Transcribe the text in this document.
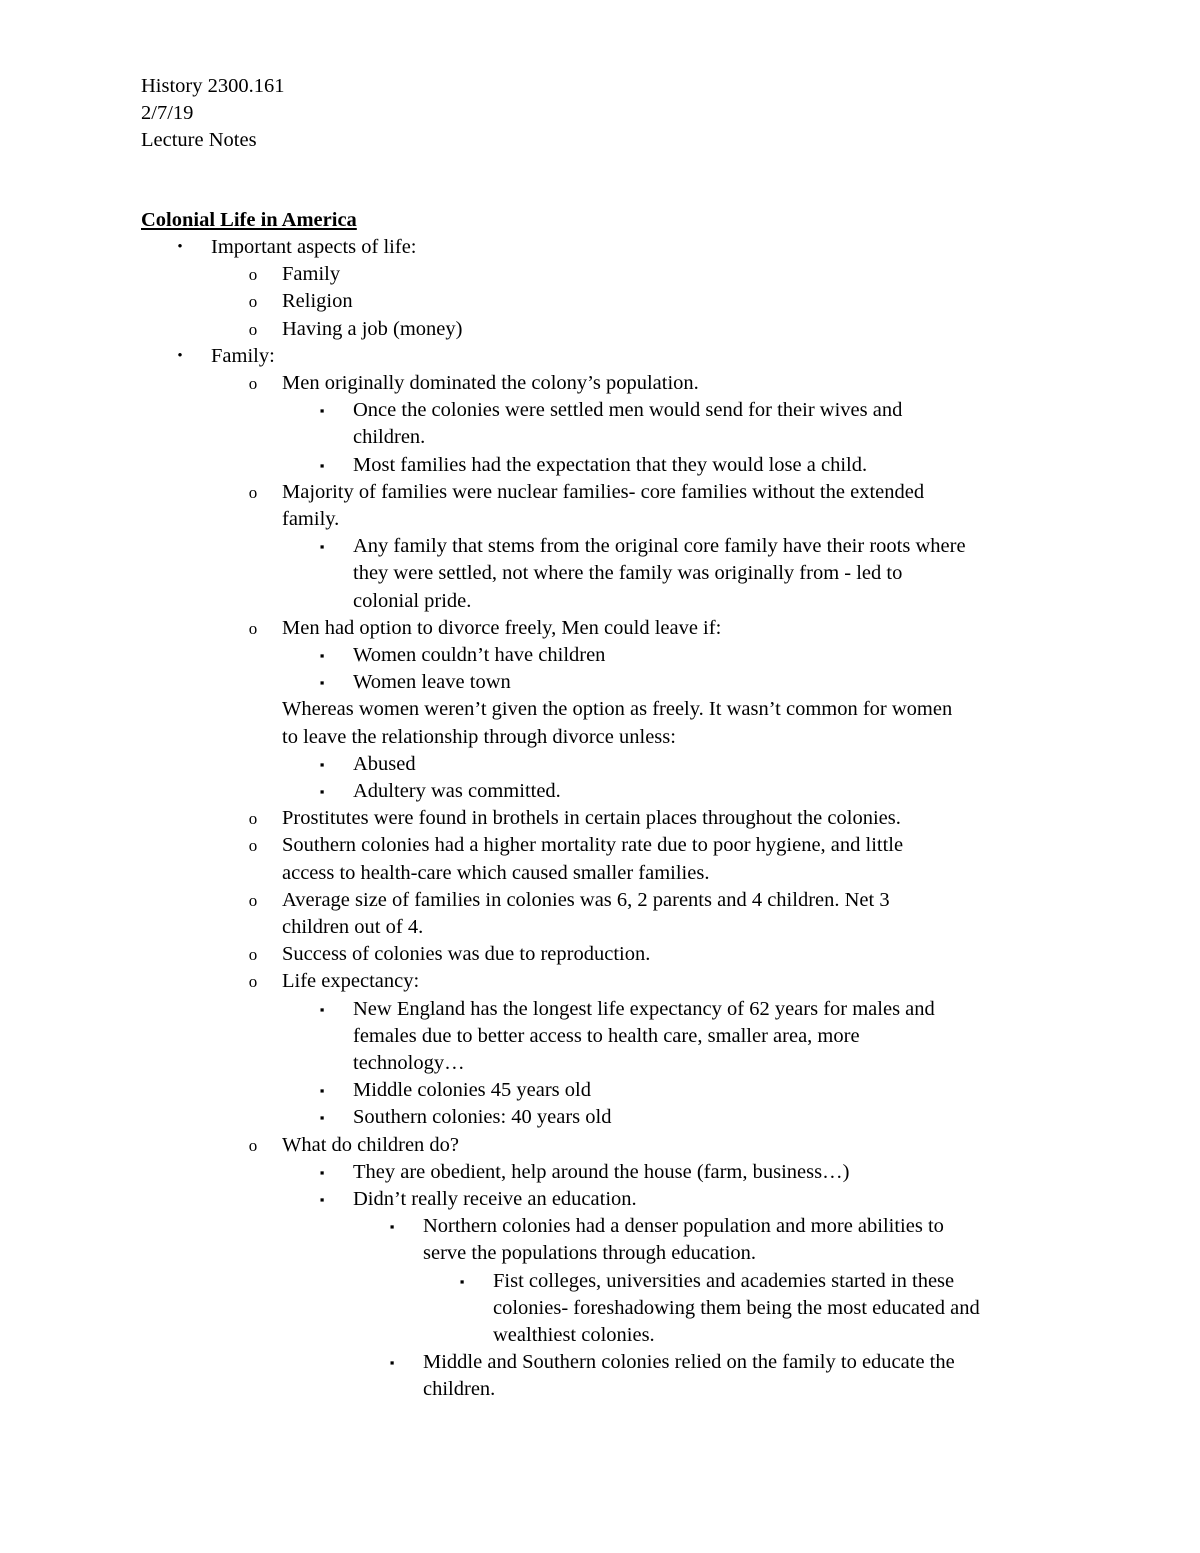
History 2300.161
2/7/19
Lecture Notes
Colonial Life in America
•	Important aspects of life:
o Family
o Religion
o Having a job (money)
•	Family:
o Men originally dominated the colony’s population.
▪	Once the colonies were settled men would send for their wives and
children.
▪	Most families had the expectation that they would lose a child.
o Majority of families were nuclear families- core families without the extended
family.
▪	Any family that stems from the original core family have their roots where
they were settled, not where the family was originally from - led to
colonial pride.
o Men had option to divorce freely, Men could leave if:
▪	Women couldn’t have children
▪	Women leave town
Whereas women weren’t given the option as freely. It wasn’t common for women
to leave the relationship through divorce unless:
▪	Abused
▪	Adultery was committed.
o Prostitutes were found in brothels in certain places throughout the colonies.
o Southern colonies had a higher mortality rate due to poor hygiene, and little
access to health-care which caused smaller families.
o Average size of families in colonies was 6, 2 parents and 4 children. Net 3
children out of 4.
o Success of colonies was due to reproduction.
o Life expectancy:
▪	New England has the longest life expectancy of 62 years for males and
females due to better access to health care, smaller area, more
technology…
▪	Middle colonies 45 years old
▪	Southern colonies: 40 years old
o What do children do?
▪	They are obedient, help around the house (farm, business…)
▪	Didn’t really receive an education.
▪	Northern colonies had a denser population and more abilities to
serve the populations through education.
▪	Fist colleges, universities and academies started in these
colonies- foreshadowing them being the most educated and
wealthiest colonies.
▪	Middle and Southern colonies relied on the family to educate the
children.
